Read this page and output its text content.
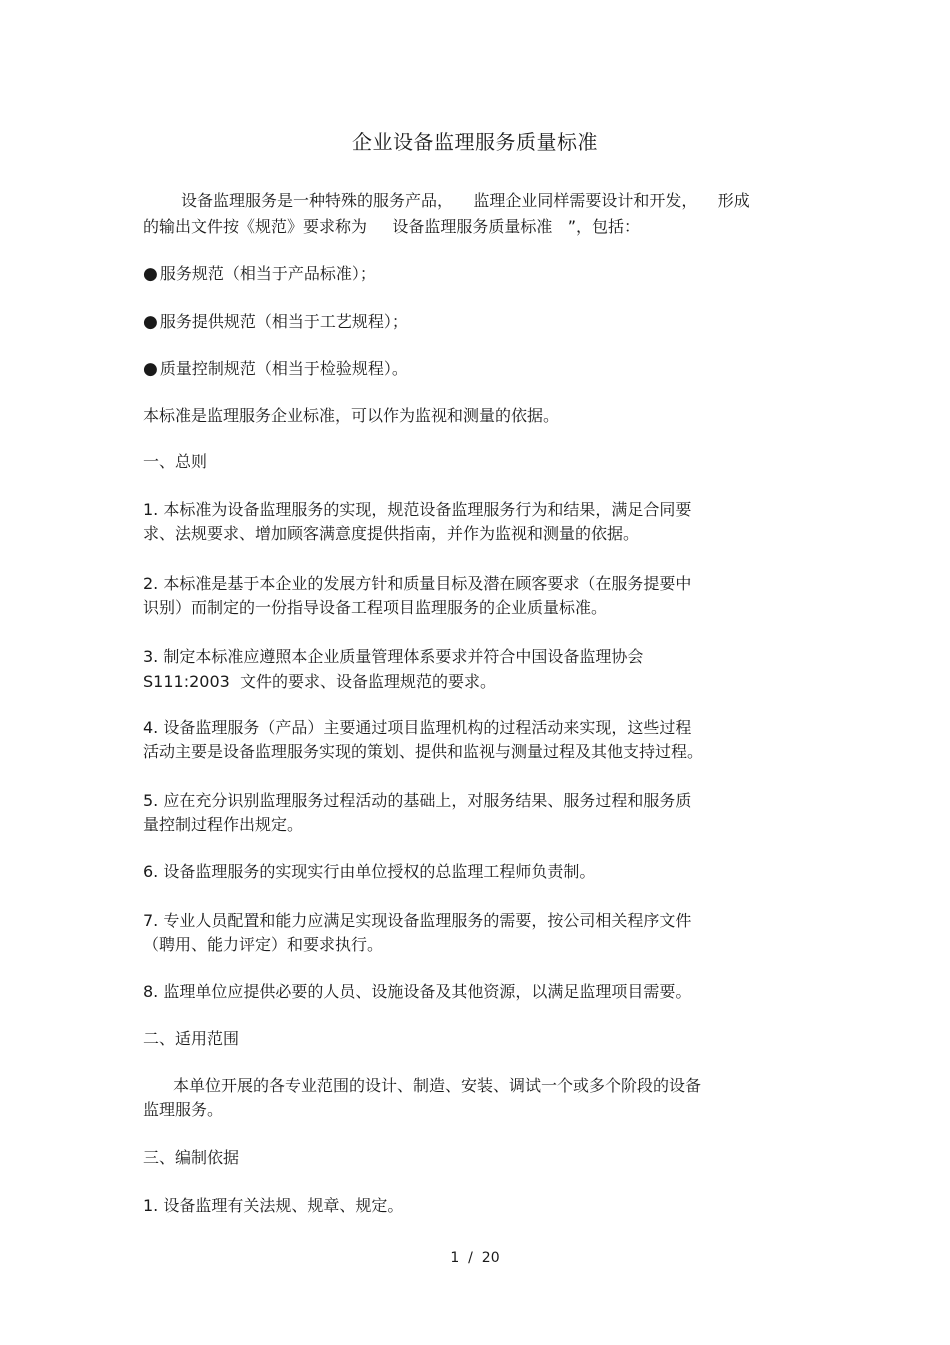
企业设备监理服务质量标准
设备监理服务是一种特殊的服务产品，    监理企业同样需要设计和开发，    形成
的输出文件按《规范》要求称为     设备监理服务质量标准   ”，包括：
● 服务规范（相当于产品标准）；
● 服务提供规范（相当于工艺规程）；
● 质量控制规范（相当于检验规程）。
本标准是监理服务企业标准，可以作为监视和测量的依据。
一、总则
1. 本标准为设备监理服务的实现，规范设备监理服务行为和结果，满足合同要
求、法规要求、增加顾客满意度提供指南，并作为监视和测量的依据。
2. 本标准是基于本企业的发展方针和质量目标及潜在顾客要求（在服务提要中
识别）而制定的一份指导设备工程项目监理服务的企业质量标准。
3. 制定本标准应遵照本企业质量管理体系要求并符合中国设备监理协会
S111:2003  文件的要求、设备监理规范的要求。
4. 设备监理服务（产品）主要通过项目监理机构的过程活动来实现，这些过程
活动主要是设备监理服务实现的策划、提供和监视与测量过程及其他支持过程。
5. 应在充分识别监理服务过程活动的基础上，对服务结果、服务过程和服务质
量控制过程作出规定。
6. 设备监理服务的实现实行由单位授权的总监理工程师负责制。
7. 专业人员配置和能力应满足实现设备监理服务的需要，按公司相关程序文件
（聘用、能力评定）和要求执行。
8. 监理单位应提供必要的人员、设施设备及其他资源，以满足监理项目需要。
二、适用范围
本单位开展的各专业范围的设计、制造、安装、调试一个或多个阶段的设备
监理服务。
三、编制依据
1. 设备监理有关法规、规章、规定。
1  /  20
